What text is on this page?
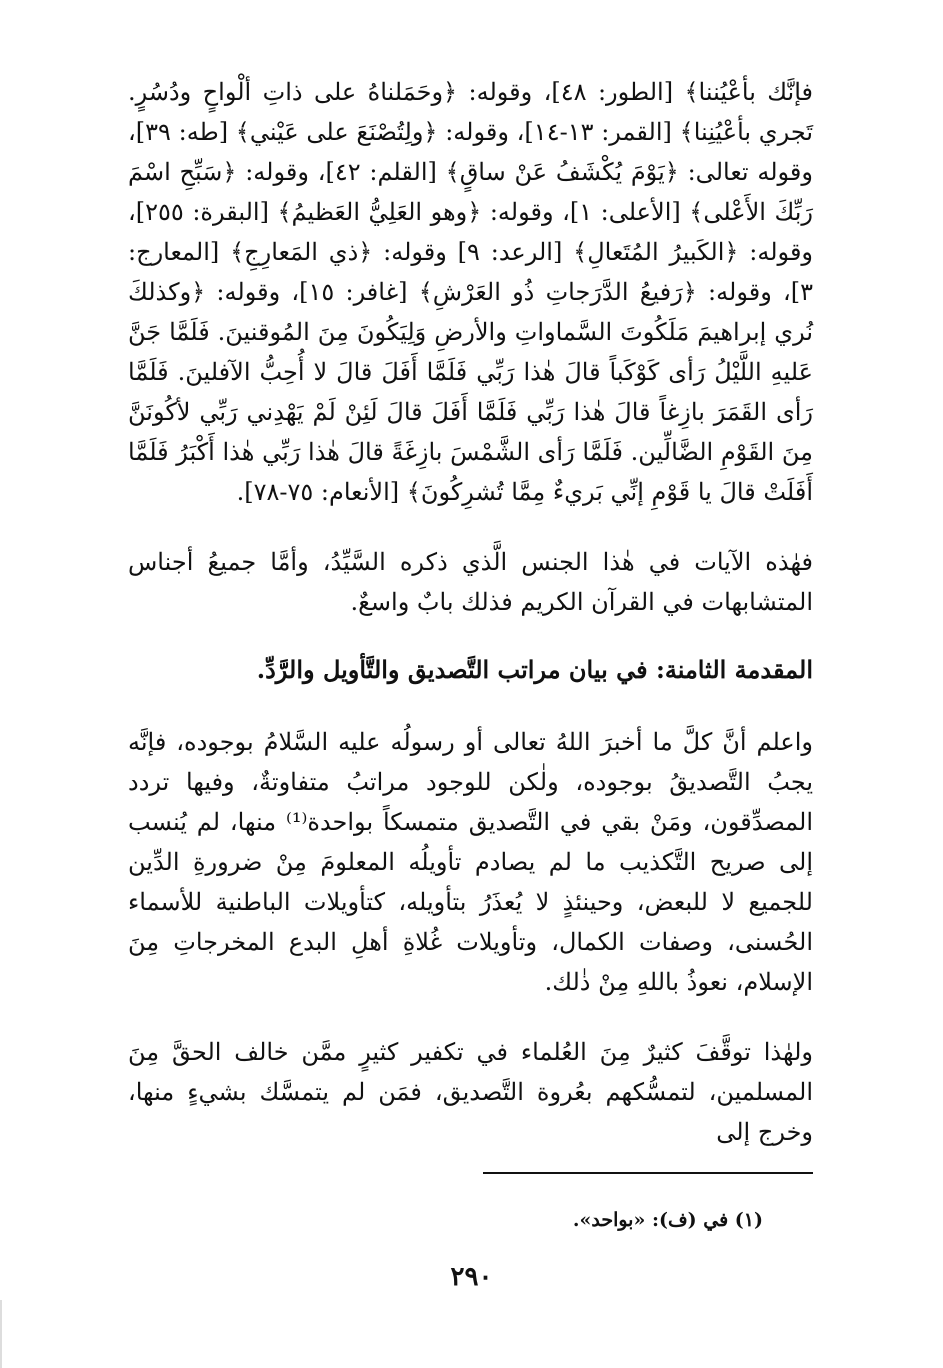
فإنَّك بأعْيُننا﴾ [الطور: ٤٨]، وقوله: ﴿وحَمَلناهُ على ذاتِ ألْواحٍ ودُسُرٍ. تَجري بأعْيُنِنا﴾ [القمر: ١٣-١٤]، وقوله: ﴿ولِتُصْنَعَ على عَيْني﴾ [طه: ٣٩]، وقوله تعالى: ﴿يَوْمَ يُكْشَفُ عَنْ ساقٍ﴾ [القلم: ٤٢]، وقوله: ﴿سَبِّحِ اسْمَ رَبِّكَ الأَعْلى﴾ [الأعلى: ١]، وقوله: ﴿وهو العَلِيُّ العَظيمُ﴾ [البقرة: ٢٥٥]، وقوله: ﴿الكَبيرُ المُتَعالِ﴾ [الرعد: ٩] وقوله: ﴿ذي المَعارِجِ﴾ [المعارج: ٣]، وقوله: ﴿رَفيعُ الدَّرَجاتِ ذُو العَرْشِ﴾ [غافر: ١٥]، وقوله: ﴿وكذلكَ نُري إبراهيمَ مَلَكُوتَ السَّماواتِ والأرضِ وَلِيَكُونَ مِنَ المُوقنينَ. فَلَمَّا جَنَّ عَليهِ اللَّيْلُ رَأى كَوْكَباً قالَ هٰذا رَبِّي فَلَمَّا أَفَلَ قالَ لا أُحِبُّ الآفلينَ. فَلَمَّا رَأى القَمَرَ بازِغاً قالَ هٰذا رَبِّي فَلَمَّا أَفَلَ قالَ لَئِنْ لَمْ يَهْدِني رَبِّي لأكُونَنَّ مِنَ القَوْمِ الضَّالِّين. فَلَمَّا رَأى الشَّمْسَ بازِغَةً قالَ هٰذا رَبِّي هٰذا أَكْبَرُ فَلَمَّا أَفَلَتْ قالَ يا قَوْمِ إنِّي بَريءٌ مِمَّا تُشرِكُونَ﴾ [الأنعام: ٧٥-٧٨].

فهٰذه الآيات في هٰذا الجنس الَّذي ذكره السَّيِّدُ، وأمَّا جميعُ أجناس المتشابهات في القرآن الكريم فذلك بابٌ واسعٌ.

المقدمة الثامنة: في بيان مراتب التَّصديق والتَّأويل والرَّدِّ.

واعلم أنَّ كلَّ ما أخبرَ اللهُ تعالى أو رسولُه عليه السَّلامُ بوجوده، فإنَّه يجبُ التَّصديقُ بوجوده، ولٰكن للوجود مراتبُ متفاوتةٌ، وفيها تردد المصدِّقون، ومَنْ بقي في التَّصديق متمسكاً بواحدة⁽¹⁾ منها، لم يُنسب إلى صريح التَّكذيب ما لم يصادم تأويلُه المعلومَ مِنْ ضرورةِ الدِّين للجميع لا للبعض، وحينئذٍ لا يُعذَرُ بتأويله، كتأويلات الباطنية للأسماء الحُسنى، وصفات الكمال، وتأويلات غُلاةِ أهلِ البدع المخرجاتِ مِنَ الإسلام، نعوذُ باللهِ مِنْ ذٰلك.

ولهٰذا توقَّفَ كثيرٌ مِنَ العُلماء في تكفير كثيرٍ ممَّن خالف الحقَّ مِنَ المسلمين، لتمسُّكهم بعُروة التَّصديق، فمَن لم يتمسَّك بشيءٍ منها، وخرج إلى

(١) في (ف): «بواحد».
٢٩٠
